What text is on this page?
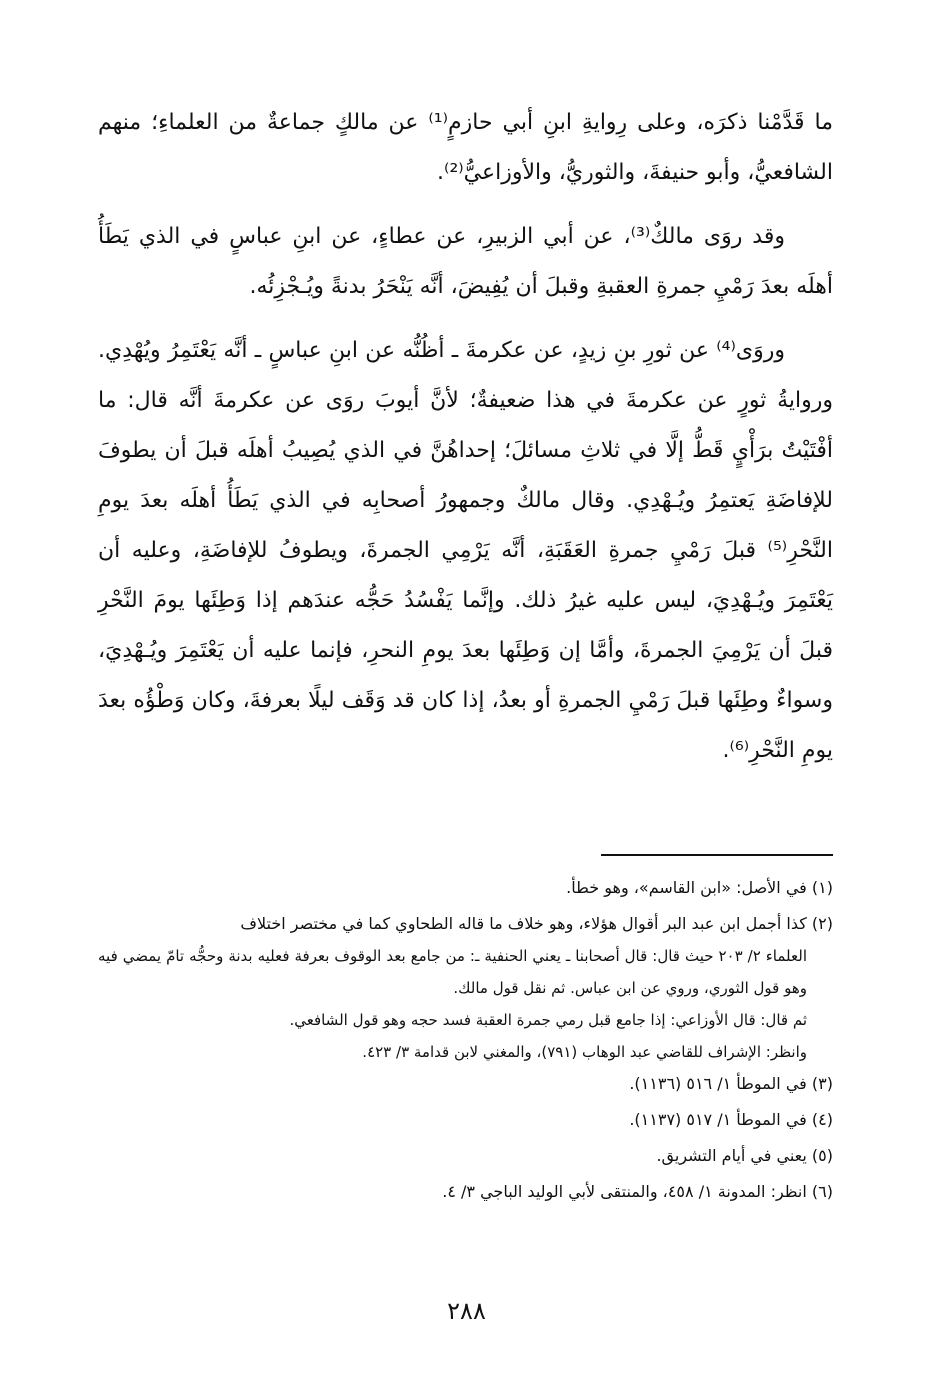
ما قَدَّمْنا ذكرَه، وعلى رِوايةِ ابنِ أبي حازمٍ⁽¹⁾ عن مالكٍ جماعةٌ من العلماءِ؛ منهم الشافعيُّ، وأبو حنيفةَ، والثوريُّ، والأوزاعيُّ⁽²⁾.

وقد روَى مالكٌ⁽³⁾، عن أبي الزبيرِ، عن عطاءٍ، عن ابنِ عباسٍ في الذي يَطَأُ أهلَه بعدَ رَمْيِ جمرةِ العقبةِ وقبلَ أن يُفِيضَ، أنَّه يَنْحَرُ بدنةً ويُـجْزِئُه.

وروَى⁽⁴⁾ عن ثورِ بنِ زيدٍ، عن عكرمةَ ـ أظُنُّه عن ابنِ عباسٍ ـ أنَّه يَعْتَمِرُ ويُهْدِي. وروايةُ ثورٍ عن عكرمةَ في هذا ضعيفةٌ؛ لأنَّ أيوبَ روَى عن عكرمةَ أنَّه قال: ما أفْتَيْتُ برَأْيٍ قَطُّ إلَّا في ثلاثِ مسائلَ؛ إحداهُنَّ في الذي يُصِيبُ أهلَه قبلَ أن يطوفَ للإفاضَةِ يَعتمِرُ ويُـهْدِي. وقال مالكٌ وجمهورُ أصحابِه في الذي يَطَأُ أهلَه بعدَ يومِ النَّحْرِ⁽⁵⁾ قبلَ رَمْيِ جمرةِ العَقَبَةِ، أنَّه يَرْمِي الجمرةَ، ويطوفُ للإفاضَةِ، وعليه أن يَعْتَمِرَ ويُـهْدِيَ، ليس عليه غيرُ ذلك. وإنَّما يَفْسُدُ حَجُّه عندَهم إذا وَطِئَها يومَ النَّحْرِ قبلَ أن يَرْمِيَ الجمرةَ، وأمَّا إن وَطِئَها بعدَ يومِ النحرِ، فإنما عليه أن يَعْتَمِرَ ويُـهْدِيَ، وسواءٌ وطِئَها قبلَ رَمْيِ الجمرةِ أو بعدُ، إذا كان قد وَقَف ليلًا بعرفةَ، وكان وَطْؤُه بعدَ يومِ النَّحْرِ⁽⁶⁾.

(١) في الأصل: «ابن القاسم»، وهو خطأ.

(٢) كذا أجمل ابن عبد البر أقوال هؤلاء، وهو خلاف ما قاله الطحاوي كما في مختصر اختلاف

العلماء ٢/ ٢٠٣ حيث قال: قال أصحابنا ـ يعني الحنفية ـ: من جامع بعد الوقوف بعرفة فعليه بدنة وحجُّه تامّ يمضي فيه وهو قول الثوري، وروي عن ابن عباس. ثم نقل قول مالك.

ثم قال: قال الأوزاعي: إذا جامع قبل رمي جمرة العقبة فسد حجه وهو قول الشافعي.

وانظر: الإشراف للقاضي عبد الوهاب (٧٩١)، والمغني لابن قدامة ٣/ ٤٢٣.

(٣) في الموطأ ١/ ٥١٦ (١١٣٦).

(٤) في الموطأ ١/ ٥١٧ (١١٣٧).

(٥) يعني في أيام التشريق.

(٦) انظر: المدونة ١/ ٤٥٨، والمنتقى لأبي الوليد الباجي ٣/ ٤.

٢٨٨
